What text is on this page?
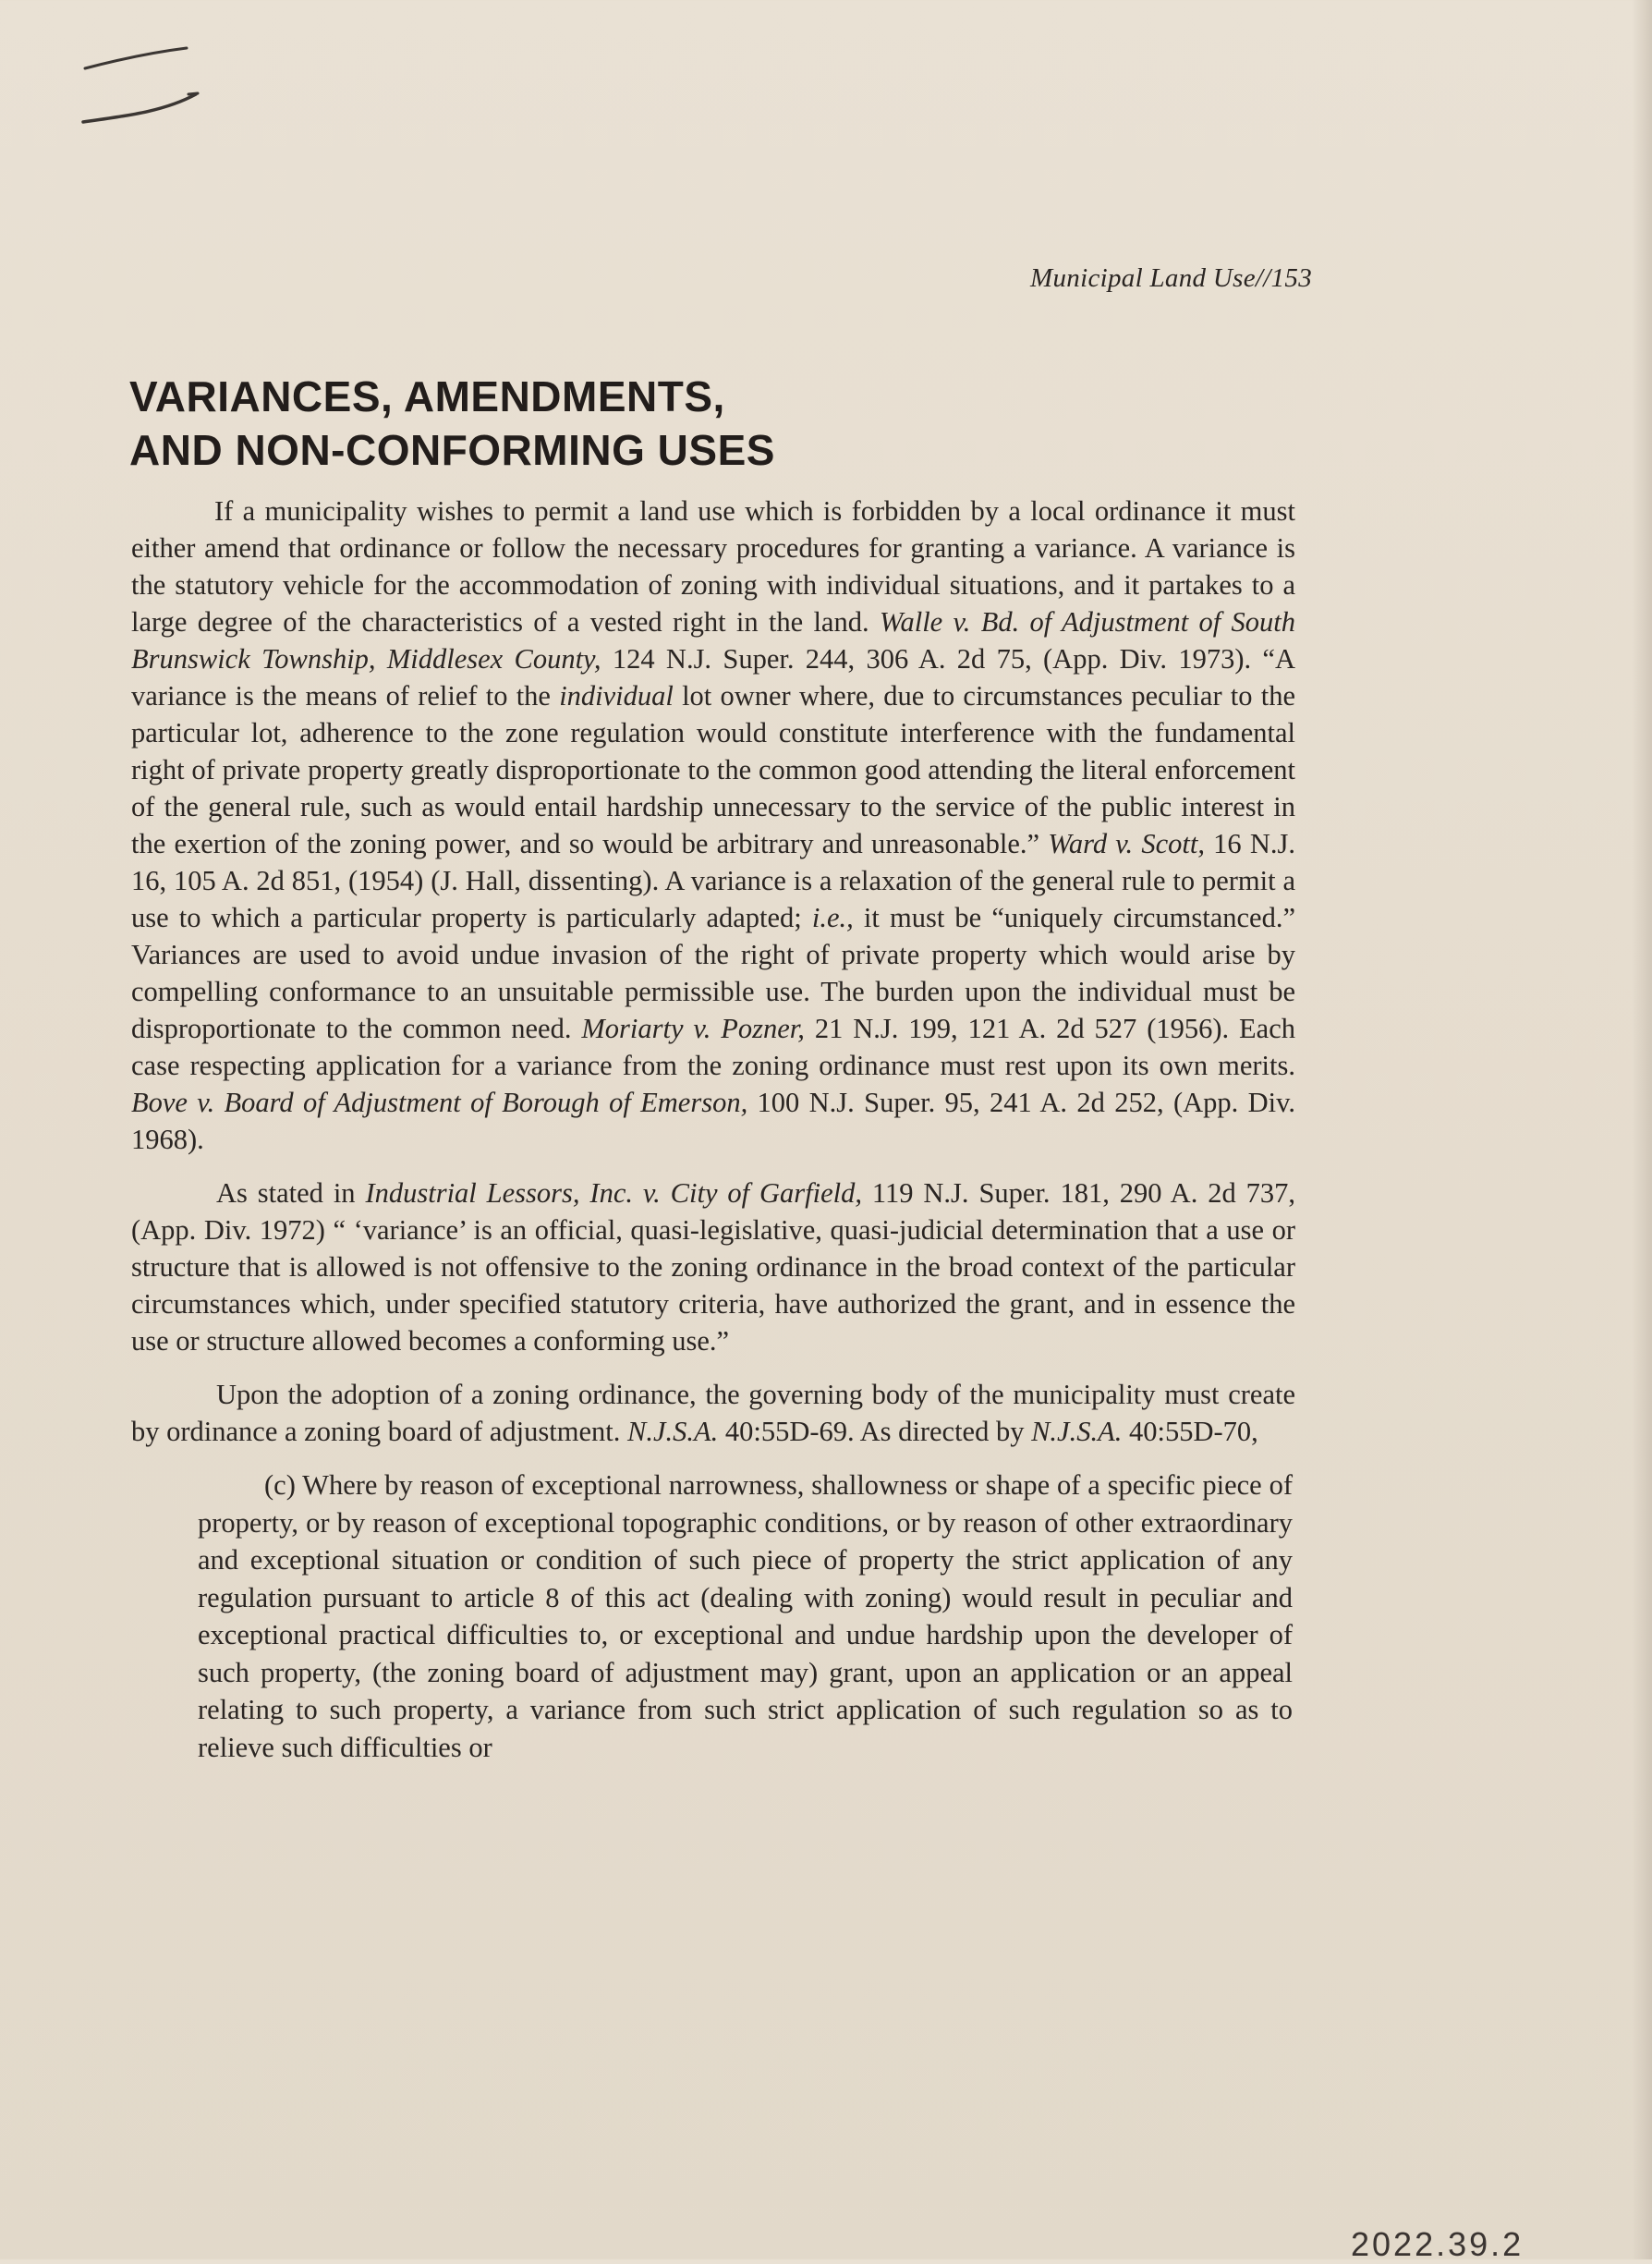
Municipal Land Use//153
VARIANCES, AMENDMENTS,
AND NON-CONFORMING USES

If a municipality wishes to permit a land use which is forbidden by a local ordinance it must either amend that ordinance or follow the necessary procedures for granting a variance. A variance is the statutory vehicle for the accommodation of zoning with individual situations, and it partakes to a large degree of the characteristics of a vested right in the land. Walle v. Bd. of Adjustment of South Brunswick Township, Middlesex County, 124 N.J. Super. 244, 306 A. 2d 75, (App. Div. 1973). “A variance is the means of relief to the individual lot owner where, due to circumstances peculiar to the particular lot, adherence to the zone regulation would constitute interference with the fundamental right of private property greatly disproportionate to the common good attending the literal enforcement of the general rule, such as would entail hardship unnecessary to the service of the public interest in the exertion of the zoning power, and so would be arbitrary and unreasonable.” Ward v. Scott, 16 N.J. 16, 105 A. 2d 851, (1954) (J. Hall, dissenting). A variance is a relaxation of the general rule to permit a use to which a particular property is particularly adapted; i.e., it must be “uniquely circumstanced.” Variances are used to avoid undue invasion of the right of private property which would arise by compelling conformance to an unsuitable permissible use. The burden upon the individual must be disproportionate to the common need. Moriarty v. Pozner, 21 N.J. 199, 121 A. 2d 527 (1956). Each case respecting application for a variance from the zoning ordinance must rest upon its own merits. Bove v. Board of Adjustment of Borough of Emerson, 100 N.J. Super. 95, 241 A. 2d 252, (App. Div. 1968).

As stated in Industrial Lessors, Inc. v. City of Garfield, 119 N.J. Super. 181, 290 A. 2d 737, (App. Div. 1972) “ ‘variance’ is an official, quasi-legislative, quasi-judicial determination that a use or structure that is allowed is not offensive to the zoning ordinance in the broad context of the particular circumstances which, under specified statutory criteria, have authorized the grant, and in essence the use or structure allowed becomes a conforming use.”

Upon the adoption of a zoning ordinance, the governing body of the municipality must create by ordinance a zoning board of adjustment. N.J.S.A. 40:55D-69. As directed by N.J.S.A. 40:55D-70,

(c) Where by reason of exceptional narrowness, shallowness or shape of a specific piece of property, or by reason of exceptional topographic conditions, or by reason of other extraordinary and exceptional situation or condition of such piece of property the strict application of any regulation pursuant to article 8 of this act (dealing with zoning) would result in peculiar and exceptional practical difficulties to, or exceptional and undue hardship upon the developer of such property, (the zoning board of adjustment may) grant, upon an application or an appeal relating to such property, a variance from such strict application of such regulation so as to relieve such difficulties or

2022.39.2
